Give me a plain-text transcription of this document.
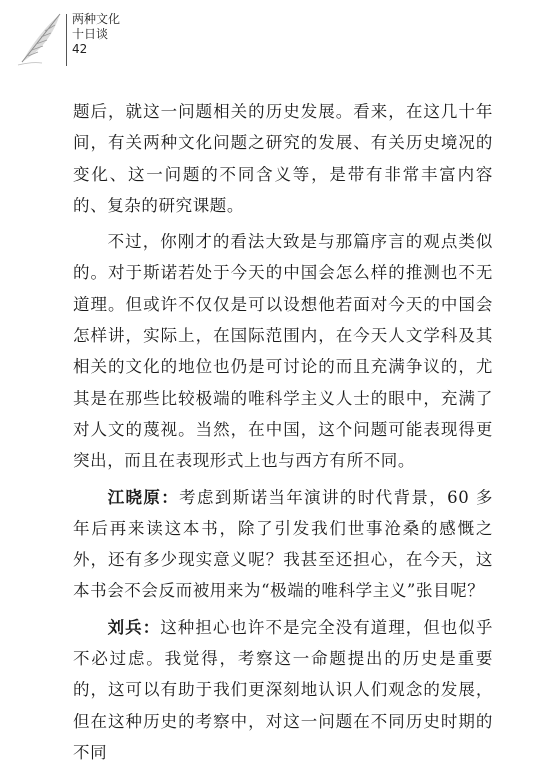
两种文化
十日谈
42

题后，就这一问题相关的历史发展。看来，在这几十年间，有关两种文化问题之研究的发展、有关历史境况的变化、这一问题的不同含义等，是带有非常丰富内容的、复杂的研究课题。

不过，你刚才的看法大致是与那篇序言的观点类似的。对于斯诺若处于今天的中国会怎么样的推测也不无道理。但或许不仅仅是可以设想他若面对今天的中国会怎样讲，实际上，在国际范围内，在今天人文学科及其相关的文化的地位也仍是可讨论的而且充满争议的，尤其是在那些比较极端的唯科学主义人士的眼中，充满了对人文的蔑视。当然，在中国，这个问题可能表现得更突出，而且在表现形式上也与西方有所不同。

江晓原：考虑到斯诺当年演讲的时代背景，60 多年后再来读这本书，除了引发我们世事沧桑的感慨之外，还有多少现实意义呢？我甚至还担心，在今天，这本书会不会反而被用来为“极端的唯科学主义”张目呢？

刘兵：这种担心也许不是完全没有道理，但也似乎不必过虑。我觉得，考察这一命题提出的历史是重要的，这可以有助于我们更深刻地认识人们观念的发展，但在这种历史的考察中，对这一问题在不同历史时期的不同
